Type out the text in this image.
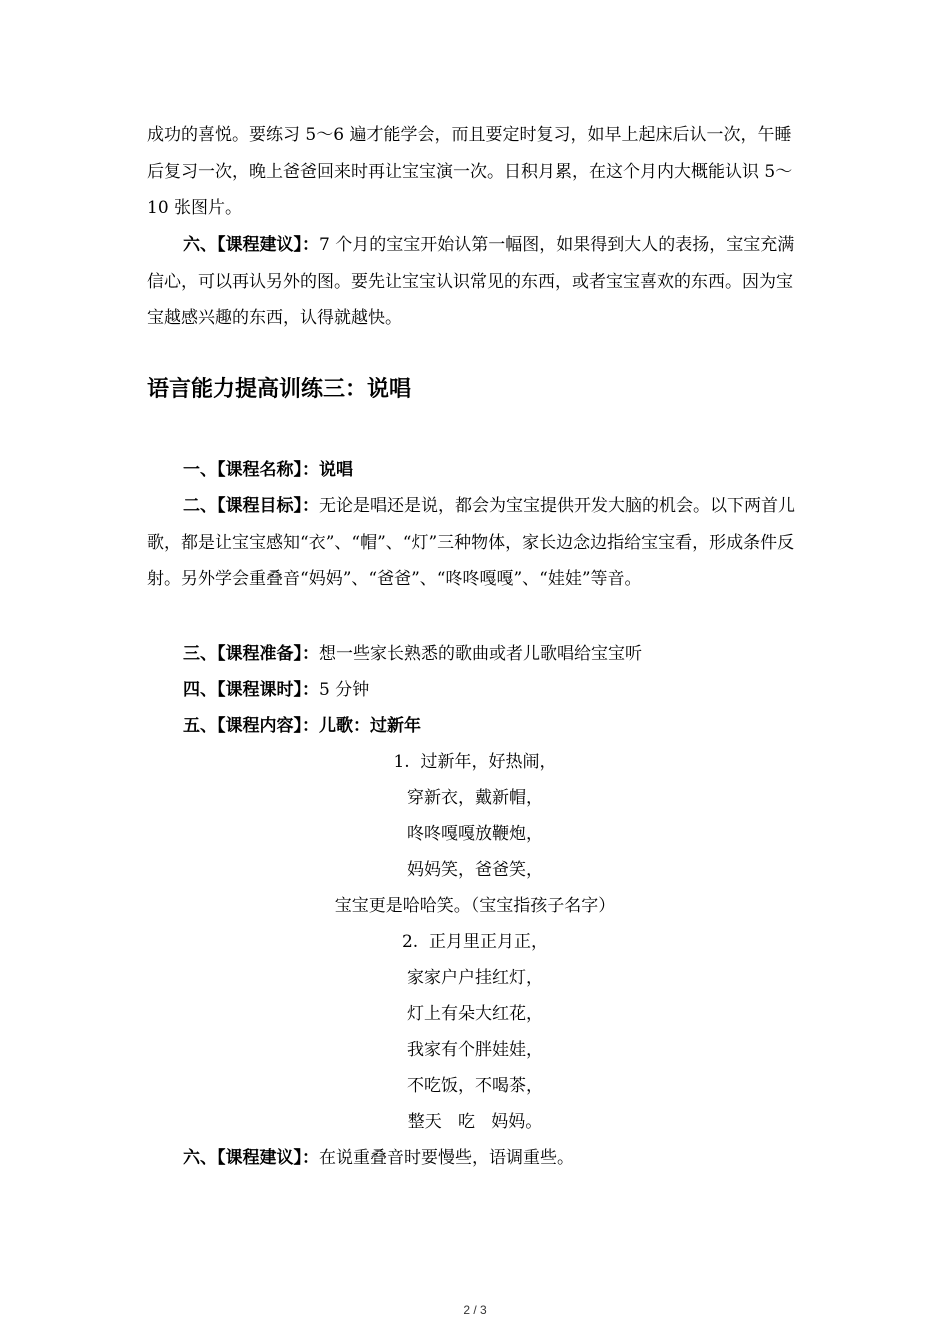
成功的喜悦。要练习 5～6 遍才能学会，而且要定时复习，如早上起床后认一次，午睡后复习一次，晚上爸爸回来时再让宝宝演一次。日积月累，在这个月内大概能认识 5～10 张图片。

六、【课程建议】：7 个月的宝宝开始认第一幅图，如果得到大人的表扬，宝宝充满信心，可以再认另外的图。要先让宝宝认识常见的东西，或者宝宝喜欢的东西。因为宝宝越感兴趣的东西，认得就越快。

语言能力提高训练三：说唱
一、【课程名称】：说唱

二、【课程目标】：无论是唱还是说，都会为宝宝提供开发大脑的机会。以下两首儿歌，都是让宝宝感知“衣”、“帽”、“灯”三种物体，家长边念边指给宝宝看，形成条件反射。另外学会重叠音“妈妈”、“爸爸”、“咚咚嘎嘎”、“娃娃”等音。

三、【课程准备】：想一些家长熟悉的歌曲或者儿歌唱给宝宝听
四、【课程课时】：5 分钟
五、【课程内容】：儿歌：过新年
1.  过新年，好热闹，
穿新衣，戴新帽，
咚咚嘎嘎放鞭炮，
妈妈笑，爸爸笑，
宝宝更是哈哈笑。（宝宝指孩子名字）
2.  正月里正月正，
家家户户挂红灯，
灯上有朵大红花，
我家有个胖娃娃，
不吃饭，不喝茶，
整天   吃   妈妈。
六、【课程建议】：在说重叠音时要慢些，语调重些。
2 / 3
